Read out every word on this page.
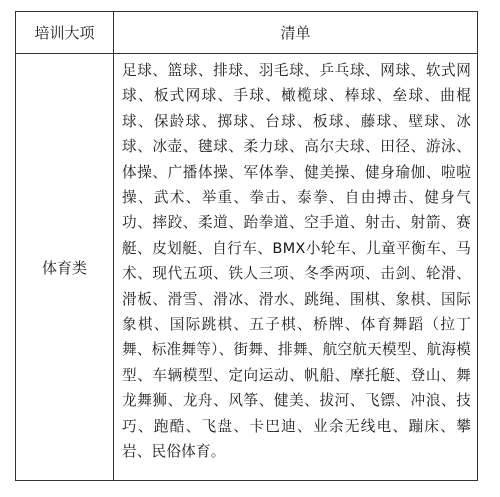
培训大项	清单
体育类	足球、篮球、排球、羽毛球、乒乓球、网球、软式网球、板式网球、手球、橄榄球、棒球、垒球、曲棍球、保龄球、掷球、台球、板球、藤球、壁球、冰球、冰壶、毽球、柔力球、高尔夫球、田径、游泳、体操、广播体操、军体拳、健美操、健身瑜伽、啦啦操、武术、举重、拳击、泰拳、自由搏击、健身气功、摔跤、柔道、跆拳道、空手道、射击、射箭、赛艇、皮划艇、自行车、BMX小轮车、儿童平衡车、马术、现代五项、铁人三项、冬季两项、击剑、轮滑、滑板、滑雪、滑冰、滑水、跳绳、围棋、象棋、国际象棋、国际跳棋、五子棋、桥牌、体育舞蹈（拉丁舞、标准舞等）、街舞、排舞、航空航天模型、航海模型、车辆模型、定向运动、帆船、摩托艇、登山、舞龙舞狮、龙舟、风筝、健美、拔河、飞镖、冲浪、技巧、跑酷、飞盘、卡巴迪、业余无线电、蹦床、攀岩、民俗体育。
